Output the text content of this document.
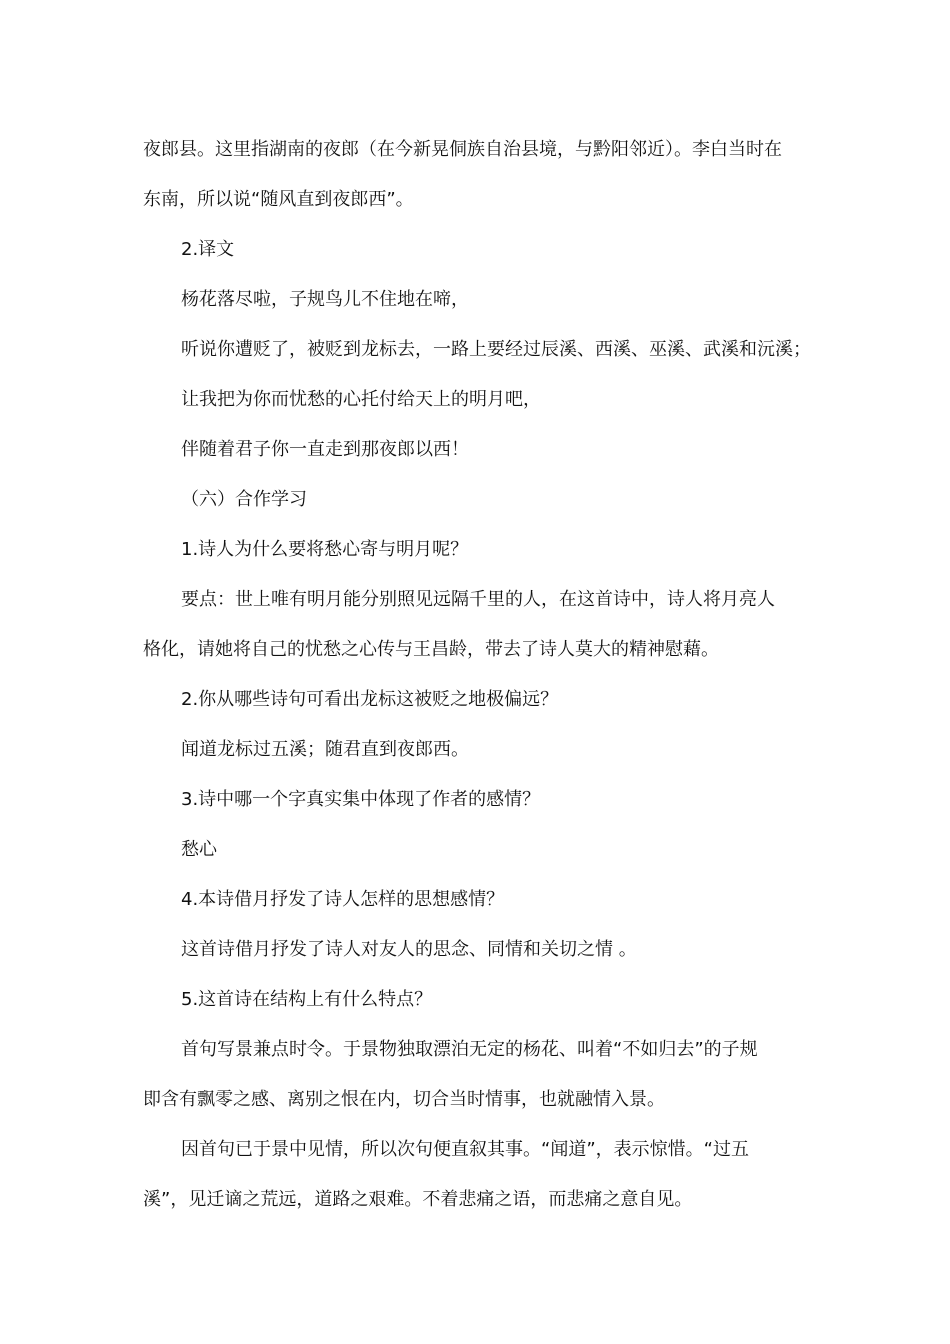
夜郎县。这里指湖南的夜郎（在今新晃侗族自治县境，与黔阳邻近）。李白当时在
东南，所以说“随风直到夜郎西”。
2.译文
杨花落尽啦，子规鸟儿不住地在啼，
听说你遭贬了，被贬到龙标去，一路上要经过辰溪、西溪、巫溪、武溪和沅溪；
让我把为你而忧愁的心托付给天上的明月吧，
伴随着君子你一直走到那夜郎以西！
（六）合作学习
1.诗人为什么要将愁心寄与明月呢？
要点：世上唯有明月能分别照见远隔千里的人，在这首诗中，诗人将月亮人
格化，请她将自己的忧愁之心传与王昌龄，带去了诗人莫大的精神慰藉。
2.你从哪些诗句可看出龙标这被贬之地极偏远？
闻道龙标过五溪；随君直到夜郎西。
3.诗中哪一个字真实集中体现了作者的感情？
愁心
4.本诗借月抒发了诗人怎样的思想感情？
这首诗借月抒发了诗人对友人的思念、同情和关切之情 。
5.这首诗在结构上有什么特点？
首句写景兼点时令。于景物独取漂泊无定的杨花、叫着“不如归去”的子规
即含有飘零之感、离别之恨在内，切合当时情事，也就融情入景。
因首句已于景中见情，所以次句便直叙其事。“闻道”，表示惊惜。“过五
溪”，见迁谪之荒远，道路之艰难。不着悲痛之语，而悲痛之意自见。
